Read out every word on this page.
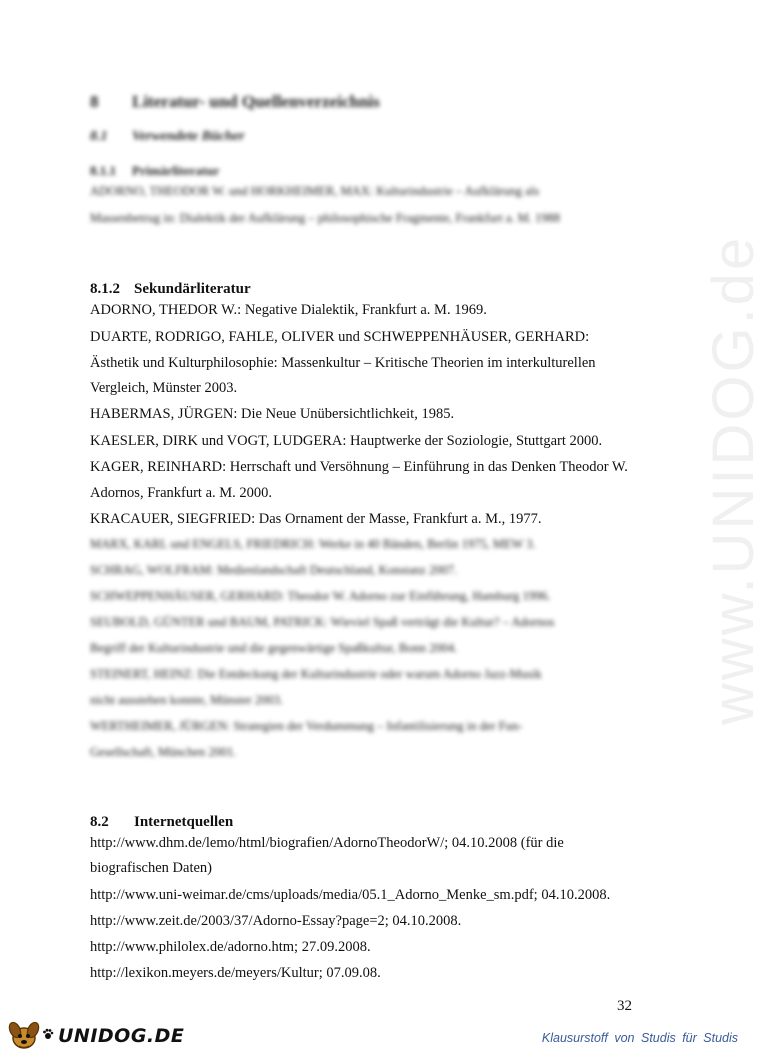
www.UNIDOG.de
8 Literatur- und Quellenverzeichnis
8.1 Verwendete Bücher
8.1.1 Primärliteratur
ADORNO, THEODOR W. und HORKHEIMER, MAX: Kulturindustrie – Aufklärung als
Massenbetrug in: Dialektik der Aufklärung – philosophische Fragmente, Frankfurt a. M. 1988
8.1.2 Sekundärliteratur
ADORNO, THEDOR W.: Negative Dialektik, Frankfurt a. M. 1969.
DUARTE, RODRIGO, FAHLE, OLIVER und SCHWEPPENHÄUSER, GERHARD:
Ästhetik und Kulturphilosophie: Massenkultur – Kritische Theorien im interkulturellen
Vergleich, Münster 2003.
HABERMAS, JÜRGEN: Die Neue Unübersichtlichkeit, 1985.
KAESLER, DIRK und VOGT, LUDGERA: Hauptwerke der Soziologie, Stuttgart 2000.
KAGER, REINHARD: Herrschaft und Versöhnung – Einführung in das Denken Theodor W.
Adornos, Frankfurt a. M. 2000.
KRACAUER, SIEGFRIED: Das Ornament der Masse, Frankfurt a. M., 1977.
MARX, KARL und ENGELS, FRIEDRICH: Werke in 40 Bänden, Berlin 1975, MEW 3.
SCHRAG, WOLFRAM: Medienlandschaft Deutschland, Konstanz 2007.
SCHWEPPENHÄUSER, GERHARD: Theodor W. Adorno zur Einführung, Hamburg 1996.
SEUBOLD, GÜNTER und BAUM, PATRICK: Wieviel Spaß verträgt die Kultur? – Adornos
Begriff der Kulturindustrie und die gegenwärtige Spaßkultur, Bonn 2004.
STEINERT, HEINZ: Die Entdeckung der Kulturindustrie oder warum Adorno Jazz-Musik
nicht ausstehen konnte, Münster 2003.
WERTHEIMER, JÜRGEN: Strategien der Verdummung – Infantilisierung in der Fun-
Gesellschaft, München 2001.
8.2 Internetquellen
http://www.dhm.de/lemo/html/biografien/AdornoTheodorW/; 04.10.2008 (für die
biografischen Daten)
http://www.uni-weimar.de/cms/uploads/media/05.1_Adorno_Menke_sm.pdf; 04.10.2008.
http://www.zeit.de/2003/37/Adorno-Essay?page=2; 04.10.2008.
http://www.philolex.de/adorno.htm; 27.09.2008.
http://lexikon.meyers.de/meyers/Kultur; 07.09.08.
32
UNIDOG.DE	Klausurstoff von Studis für Studis
